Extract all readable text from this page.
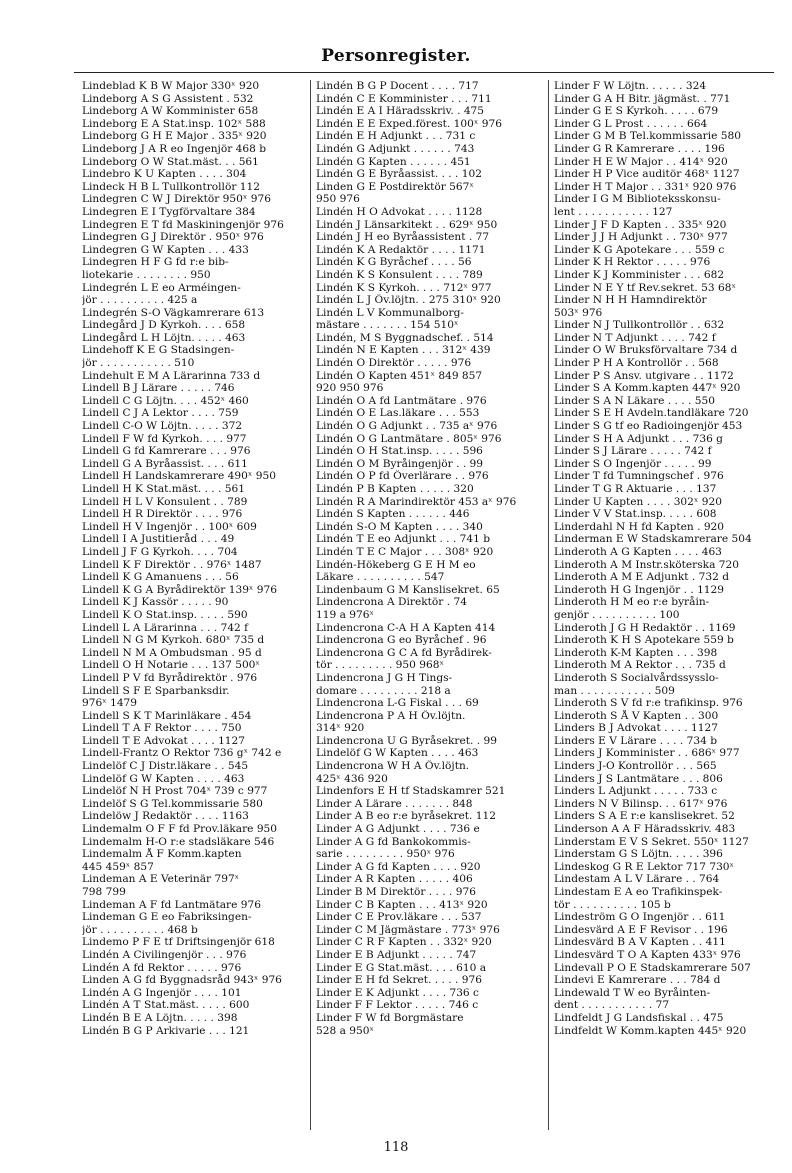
Personregister.
Lindeblad K B W Major 330ˣ 920
Lindeborg A S G Assistent . 532
Lindeborg A W Komminister 658
Lindeborg E A Stat.insp. 102ˣ 588
Lindeborg G H E Major . 335ˣ 920
Lindeborg J A R eo Ingenjör 468 b
Lindeborg O W Stat.mäst. . . 561
Lindebro K U Kapten . . . . 304
Lindeck H B L Tullkontrollör 112
Lindegren C W J Direktör 950ˣ 976
Lindegren E I Tygförvaltare 384
Lindegren E T fd Maskiningenjör 976
Lindegren G J Direktör . 950ˣ 976
Lindegren G W Kapten . . . 433
Lindegren H F G fd r:e bib-
liotekarie . . . . . . . . 950
Lindegrén L E eo Arméingen-
jör . . . . . . . . . . 425 a
Lindegrén S-O Vägkamrerare 613
Lindegård J D Kyrkoh. . . . 658
Lindegård L H Löjtn. . . . . 463
Lindehoff K E G Stadsingen-
jör . . . . . . . . . . . 510
Lindehult E M A Lärarinna 733 d
Lindell B J Lärare . . . . . 746
Lindell C G Löjtn. . . . 452ˣ 460
Lindell C J A Lektor . . . . 759
Lindell C-O W Löjtn. . . . . 372
Lindell F W fd Kyrkoh. . . . 977
Lindell G fd Kamrerare . . . 976
Lindell G A Byråassist. . . . 611
Lindell H Landskamrerare 490ˣ 950
Lindell H K Stat.mäst. . . . 561
Lindell H L V Konsulent . . 789
Lindell H R Direktör . . . . 976
Lindell H V Ingenjör . . 100ˣ 609
Lindell I A Justitieråd . . . 49
Lindell J F G Kyrkoh. . . . 704
Lindell K F Direktör . . 976ˣ 1487
Lindell K G Amanuens . . . 56
Lindell K G A Byrådirektör 139ˣ 976
Lindell K J Kassör . . . . . 90
Lindell K O Stat.insp. . . . . 590
Lindell L A Lärarinna . . . 742 f
Lindell N G M Kyrkoh. 680ˣ 735 d
Lindell N M A Ombudsman . 95 d
Lindell O H Notarie . . . 137 500ˣ
Lindell P V fd Byrådirektör . 976
Lindell S F E Sparbanksdir.
976ˣ 1479
Lindell S K T Marinläkare . 454
Lindell T A F Rektor . . . . 750
Lindell T E Advokat . . . . 1127
Lindell-Frantz O Rektor 736 gˣ 742 e
Lindelöf C J Distr.läkare . . 545
Lindelöf G W Kapten . . . . 463
Lindelöf N H Prost 704ˣ 739 c 977
Lindelöf S G Tel.kommissarie 580
Lindelöw J Redaktör . . . . 1163
Lindemalm O F F fd Prov.läkare 950
Lindemalm H-O r:e stadsläkare 546
Lindemalm Å F Komm.kapten
445 459ˣ 857
Lindeman A E Veterinär 797ˣ
798 799
Lindeman A F fd Lantmätare 976
Lindeman G E eo Fabriksingen-
jör . . . . . . . . . . 468 b
Lindemo P F E tf Driftsingenjör 618
Lindén A Civilingenjör . . . 976
Lindén A fd Rektor . . . . . 976
Linden A G fd Byggnadsråd 943ˣ 976
Lindén A G Ingenjör . . . . 101
Lindén A T Stat.mäst. . . . . 600
Lindén B E A Löjtn. . . . . 398
Lindén B G P Arkivarie . . . 121
Lindén B G P Docent . . . . 717
Lindén C E Komminister . . . 711
Lindén E A I Häradsskriv. . 475
Lindén E E Exped.förest. 100ˣ 976
Lindén E H Adjunkt . . . 731 c
Lindén G Adjunkt . . . . . . 743
Lindén G Kapten . . . . . . 451
Lindén G E Byråassist. . . . 102
Linden G E Postdirektör 567ˣ
950 976
Lindén H O Advokat . . . . 1128
Lindén J Länsarkitekt . . 629ˣ 950
Lindén J H eo Byråassistent . 77
Lindén K A Redaktör . . . . 1171
Lindén K G Byråchef . . . . 56
Lindén K S Konsulent . . . . 789
Lindén K S Kyrkoh. . . . 712ˣ 977
Lindén L J Öv.löjtn. . 275 310ˣ 920
Lindén L V Kommunalborg-
mästare . . . . . . . 154 510ˣ
Lindén, M S Byggnadschef. . 514
Lindén N E Kapten . . . 312ˣ 439
Lindén O Direktör . . . . . 976
Lindén O Kapten 451ˣ 849 857
920 950 976
Lindén O A fd Lantmätare . 976
Lindén O E Las.läkare . . . 553
Lindén O G Adjunkt . . 735 aˣ 976
Lindén O G Lantmätare . 805ˣ 976
Lindén O H Stat.insp. . . . . 596
Lindén O M Byråingenjör . . 99
Lindén O P fd Överlärare . . 976
Lindén P B Kapten . . . . . 320
Lindén R A Marindirektör 453 aˣ 976
Lindén S Kapten . . . . . . 446
Lindén S-O M Kapten . . . . 340
Lindén T E eo Adjunkt . . . 741 b
Lindén T E C Major . . . 308ˣ 920
Lindén-Hökeberg G E H M eo
Läkare . . . . . . . . . . 547
Lindenbaum G M Kanslisekret. 65
Lindencrona A Direktör . 74
119 a 976ˣ
Lindencrona C-A H A Kapten 414
Lindencrona G eo Byråchef . 96
Lindencrona G C A fd Byrådirek-
tör . . . . . . . . . 950 968ˣ
Lindencrona J G H Tings-
domare . . . . . . . . . 218 a
Lindencrona L-G Fiskal . . . 69
Lindencrona P A H Öv.löjtn.
314ˣ 920
Lindencrona U G Byråsekret. . 99
Lindelöf G W Kapten . . . . 463
Lindencrona W H A Öv.löjtn.
425ˣ 436 920
Lindenfors E H tf Stadskamrer 521
Linder A Lärare . . . . . . . 848
Linder A B eo r:e byråsekret. 112
Linder A G Adjunkt . . . . 736 e
Linder A G fd Bankokommis-
sarie . . . . . . . . . 950ˣ 976
Linder A G fd Kapten . . . . 920
Linder A R Kapten . . . . . 406
Linder B M Direktör . . . . 976
Linder C B Kapten . . . 413ˣ 920
Linder C E Prov.läkare . . . 537
Linder C M Jägmästare . 773ˣ 976
Linder C R F Kapten . . 332ˣ 920
Linder E B Adjunkt . . . . . 747
Linder E G Stat.mäst. . . . 610 a
Linder E H fd Sekret. . . . . 976
Linder E K Adjunkt . . . . 736 c
Linder F F Lektor . . . . . 746 c
Linder F W fd Borgmästare
528 a 950ˣ
Linder F W Löjtn. . . . . . 324
Linder G A H Bitr. jägmäst. . 771
Linder G E S Kyrkoh. . . . . 679
Linder G L Prost . . . . . . 664
Linder G M B Tel.kommissarie 580
Linder G R Kamrerare . . . . 196
Linder H E W Major . . 414ˣ 920
Linder H P Vice auditör 468ˣ 1127
Linder H T Major . . 331ˣ 920 976
Linder I G M Biblioteksskonsu-
lent . . . . . . . . . . . 127
Linder J F D Kapten . . 335ˣ 920
Linder J J H Adjunkt . . 730ˣ 977
Linder K G Apotekare . . . 559 c
Linder K H Rektor . . . . . 976
Linder K J Komminister . . . 682
Linder N E Y tf Rev.sekret. 53 68ˣ
Linder N H H Hamndirektör
503ˣ 976
Linder N J Tullkontrollör . . 632
Linder N T Adjunkt . . . . 742 f
Linder O W Bruksförvaltare 734 d
Linder P H A Kontrollör . . 568
Linder P S Ansv. utgivare . . 1172
Linder S A Komm.kapten 447ˣ 920
Linder S A N Läkare . . . . 550
Linder S E H Avdeln.tandläkare 720
Linder S G tf eo Radioingenjör 453
Linder S H A Adjunkt . . . 736 g
Linder S J Lärare . . . . . 742 f
Linder S O Ingenjör . . . . . 99
Linder T fd Tumningschef . 976
Linder T G R Aktuarie . . . 137
Linder U Kapten . . . . 302ˣ 920
Linder V V Stat.insp. . . . . 608
Linderdahl N H fd Kapten . 920
Linderman E W Stadskamrerare 504
Linderoth A G Kapten . . . . 463
Linderoth A M Instr.sköterska 720
Linderoth A M E Adjunkt . 732 d
Linderoth H G Ingenjör . . 1129
Linderoth H M eo r:e byråin-
genjör . . . . . . . . . . 100
Linderoth J G H Redaktör . . 1169
Linderoth K H S Apotekare 559 b
Linderoth K-M Kapten . . . 398
Linderoth M A Rektor . . . 735 d
Linderoth S Socialvårdssysslo-
man . . . . . . . . . . . 509
Linderoth S V fd r:e trafikinsp. 976
Linderoth S Å V Kapten . . 300
Linders B J Advokat . . . . 1127
Linders E V Lärare . . . . 734 b
Linders J Komminister . . 686ˣ 977
Linders J-O Kontrollör . . . 565
Linders J S Lantmätare . . . 806
Linders L Adjunkt . . . . . 733 c
Linders N V Bilinsp. . . 617ˣ 976
Linders S A E r:e kanslisekret. 52
Linderson A A F Häradsskriv. 483
Linderstam E V S Sekret. 550ˣ 1127
Linderstam G S Löjtn. . . . . 396
Lindeskog G R E Lektor 717 730ˣ
Lindestam A L V Lärare . . 764
Lindestam E A eo Trafikinspek-
tör . . . . . . . . . . 105 b
Lindeström G O Ingenjör . . 611
Lindesvärd A E F Revisor . . 196
Lindesvärd B A V Kapten . . 411
Lindesvärd T O A Kapten 433ˣ 976
Lindevall P O E Stadskamrerare 507
Lindevi E Kamrerare . . . 784 d
Lindewald T W eo Byråinten-
dent . . . . . . . . . . . 77
Lindfeldt J G Landsfiskal . . 475
Lindfeldt W Komm.kapten 445ˣ 920
118
